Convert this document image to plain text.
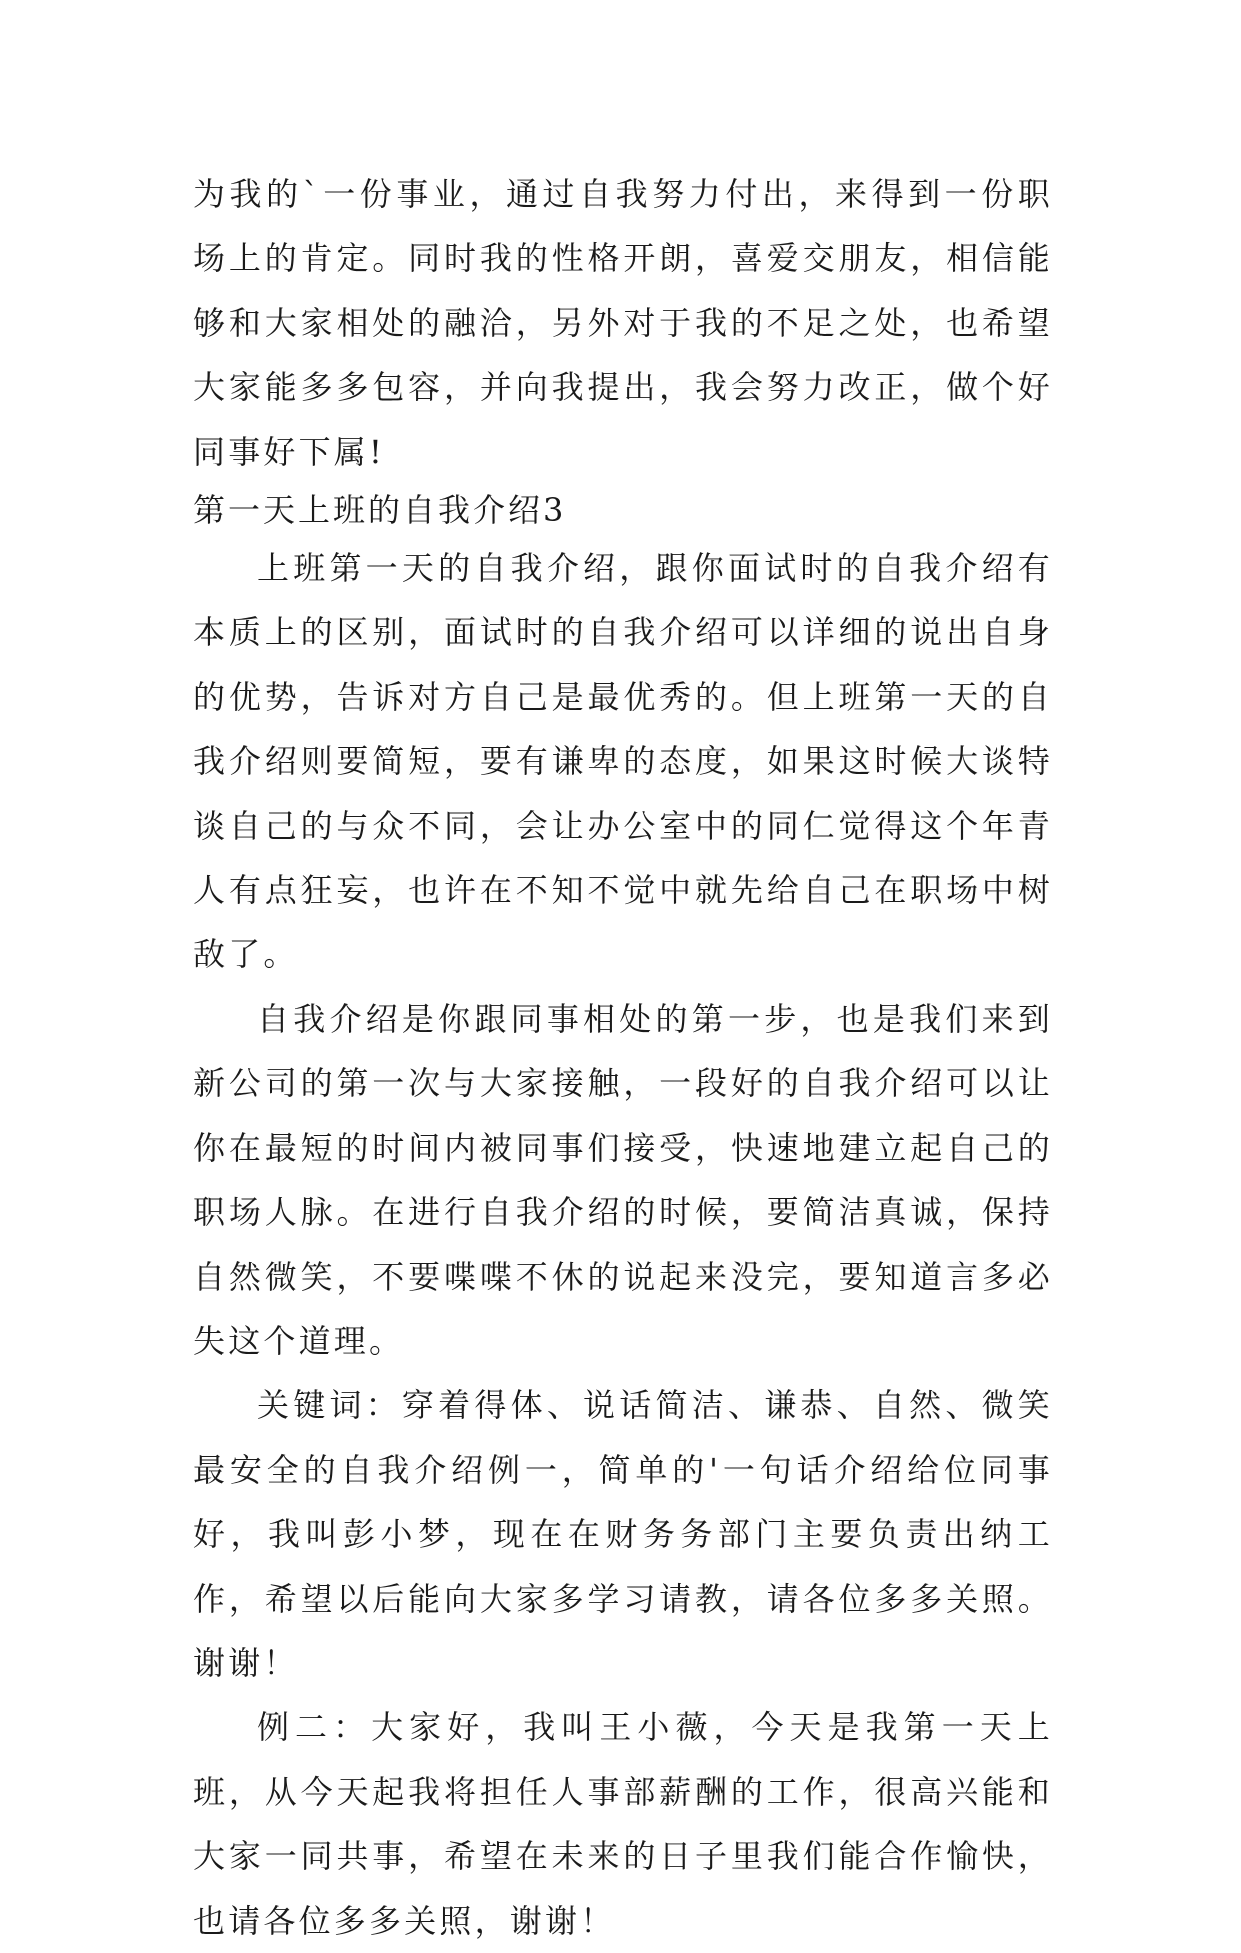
为我的`一份事业，通过自我努力付出，来得到一份职场上的肯定。同时我的性格开朗，喜爱交朋友，相信能够和大家相处的融洽，另外对于我的不足之处，也希望大家能多多包容，并向我提出，我会努力改正，做个好同事好下属!

第一天上班的自我介绍3

上班第一天的自我介绍，跟你面试时的自我介绍有本质上的区别，面试时的自我介绍可以详细的说出自身的优势，告诉对方自己是最优秀的。但上班第一天的自我介绍则要简短，要有谦卑的态度，如果这时候大谈特谈自己的与众不同，会让办公室中的同仁觉得这个年青人有点狂妄，也许在不知不觉中就先给自己在职场中树敌了。

自我介绍是你跟同事相处的第一步，也是我们来到新公司的第一次与大家接触，一段好的自我介绍可以让你在最短的时间内被同事们接受，快速地建立起自己的职场人脉。在进行自我介绍的时候，要简洁真诚，保持自然微笑，不要喋喋不休的说起来没完，要知道言多必失这个道理。

关键词：穿着得体、说话简洁、谦恭、自然、微笑最安全的自我介绍例一，简单的'一句话介绍给位同事好，我叫彭小梦，现在在财务务部门主要负责出纳工作，希望以后能向大家多学习请教，请各位多多关照。谢谢！

例二：大家好，我叫王小薇，今天是我第一天上班，从今天起我将担任人事部薪酬的工作，很高兴能和大家一同共事，希望在未来的日子里我们能合作愉快，也请各位多多关照，谢谢！
